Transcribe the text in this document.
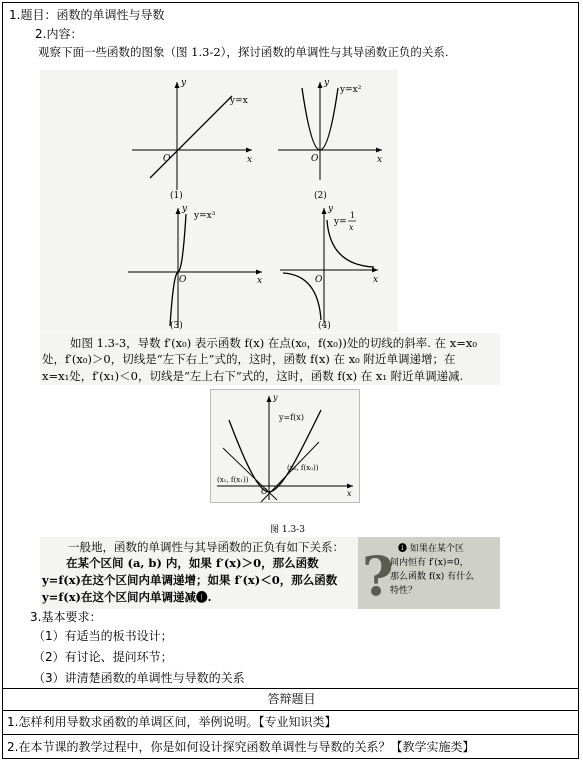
1.题目：函数的单调性与导数
2.内容：
观察下面一些函数的图象（图 1.3-2），探讨函数的单调性与其导函数正负的关系.
y
x
O
y=x
(1)
y
x
O
y=x²
(2)
y
x
O
y=x³
(3)
y
x
O
y=
1
x
(4)
如图 1.3-3，导数 f′(x₀) 表示函数 f(x) 在点(x₀，f(x₀))处的切线的斜率. 在 x=x₀
处，f′(x₀)＞0，切线是“左下右上”式的，这时，函数 f(x) 在 x₀ 附近单调递增；在
x=x₁处，f′(x₁)＜0，切线是“左上右下”式的，这时，函数 f(x) 在 x₁ 附近单调递减.
y
x
O
y=f(x)
(x₁, f(x₁))
(x₀, f(x₀))
图 1.3-3
一般地，函数的单调性与其导函数的正负有如下关系：
在某个区间 (a, b) 内，如果 f′(x)＞0，那么函数
y=f(x)在这个区间内单调递增；如果 f′(x)＜0，那么函数
y=f(x)在这个区间内单调递减❶.	? ❶ 如果在某个区
间内恒有 f′(x)=0，
那么函数 f(x) 有什么
特性？
3.基本要求：
（1）有适当的板书设计；
（2）有讨论、提问环节；
（3）讲清楚函数的单调性与导数的关系
答辩题目
1.怎样利用导数求函数的单调区间，举例说明。【专业知识类】
2.在本节课的教学过程中，你是如何设计探究函数单调性与导数的关系？【教学实施类】
